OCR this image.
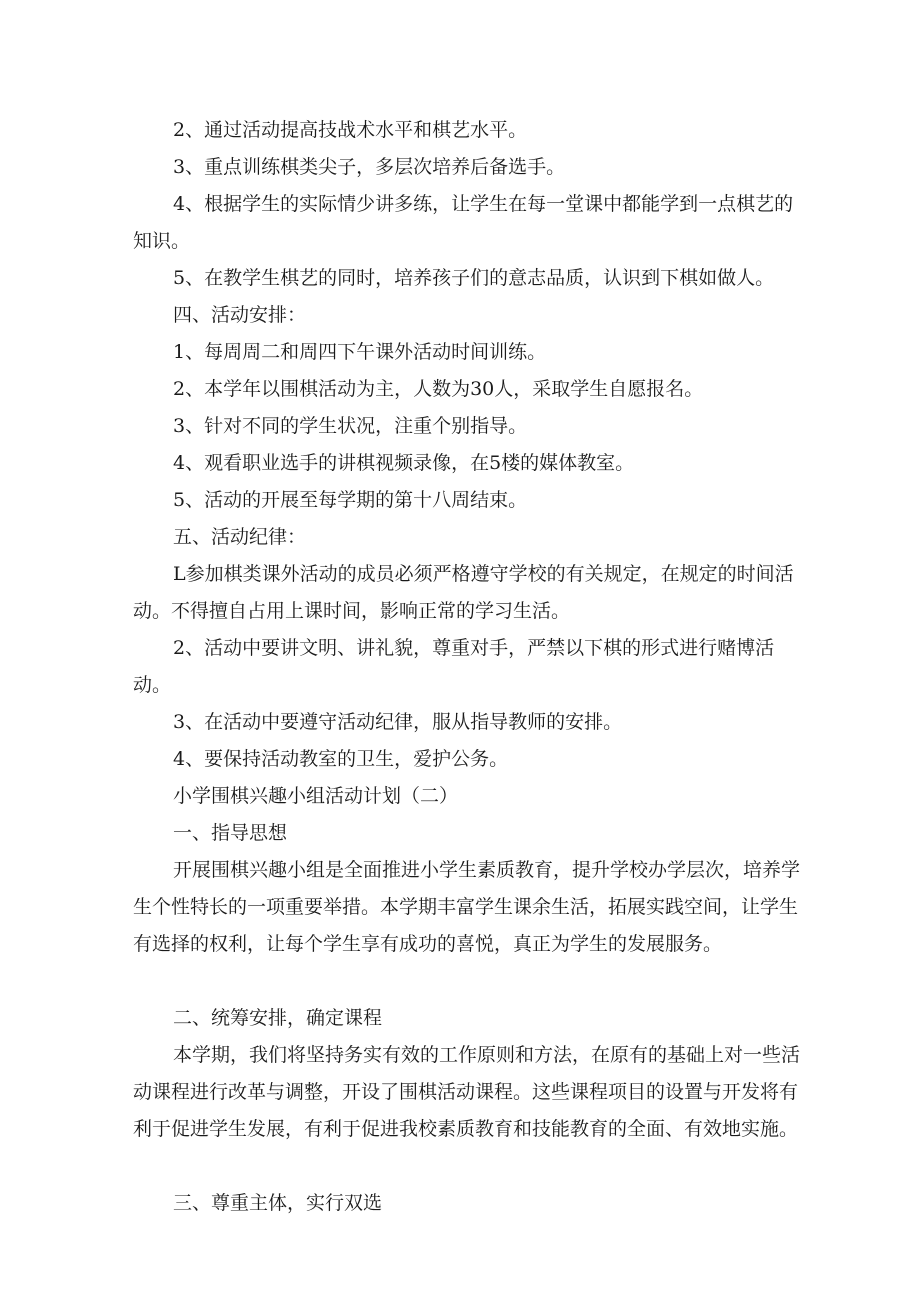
2、通过活动提高技战术水平和棋艺水平。

3、重点训练棋类尖子，多层次培养后备选手。

4、根据学生的实际情少讲多练，让学生在每一堂课中都能学到一点棋艺的知识。

5、在教学生棋艺的同时，培养孩子们的意志品质，认识到下棋如做人。

四、活动安排：

1、每周周二和周四下午课外活动时间训练。

2、本学年以围棋活动为主，人数为30人，采取学生自愿报名。

3、针对不同的学生状况，注重个别指导。

4、观看职业选手的讲棋视频录像，在5楼的媒体教室。

5、活动的开展至每学期的第十八周结束。

五、活动纪律：

L参加棋类课外活动的成员必须严格遵守学校的有关规定，在规定的时间活动。不得擅自占用上课时间，影响正常的学习生活。

2、活动中要讲文明、讲礼貌，尊重对手，严禁以下棋的形式进行赌博活动。

3、在活动中要遵守活动纪律，服从指导教师的安排。

4、要保持活动教室的卫生，爱护公务。

小学围棋兴趣小组活动计划（二）

一、指导思想

开展围棋兴趣小组是全面推进小学生素质教育，提升学校办学层次，培养学生个性特长的一项重要举措。本学期丰富学生课余生活，拓展实践空间，让学生有选择的权利，让每个学生享有成功的喜悦，真正为学生的发展服务。

二、统筹安排，确定课程

本学期，我们将坚持务实有效的工作原则和方法，在原有的基础上对一些活动课程进行改革与调整，开设了围棋活动课程。这些课程项目的设置与开发将有利于促进学生发展，有利于促进我校素质教育和技能教育的全面、有效地实施。

三、尊重主体，实行双选
